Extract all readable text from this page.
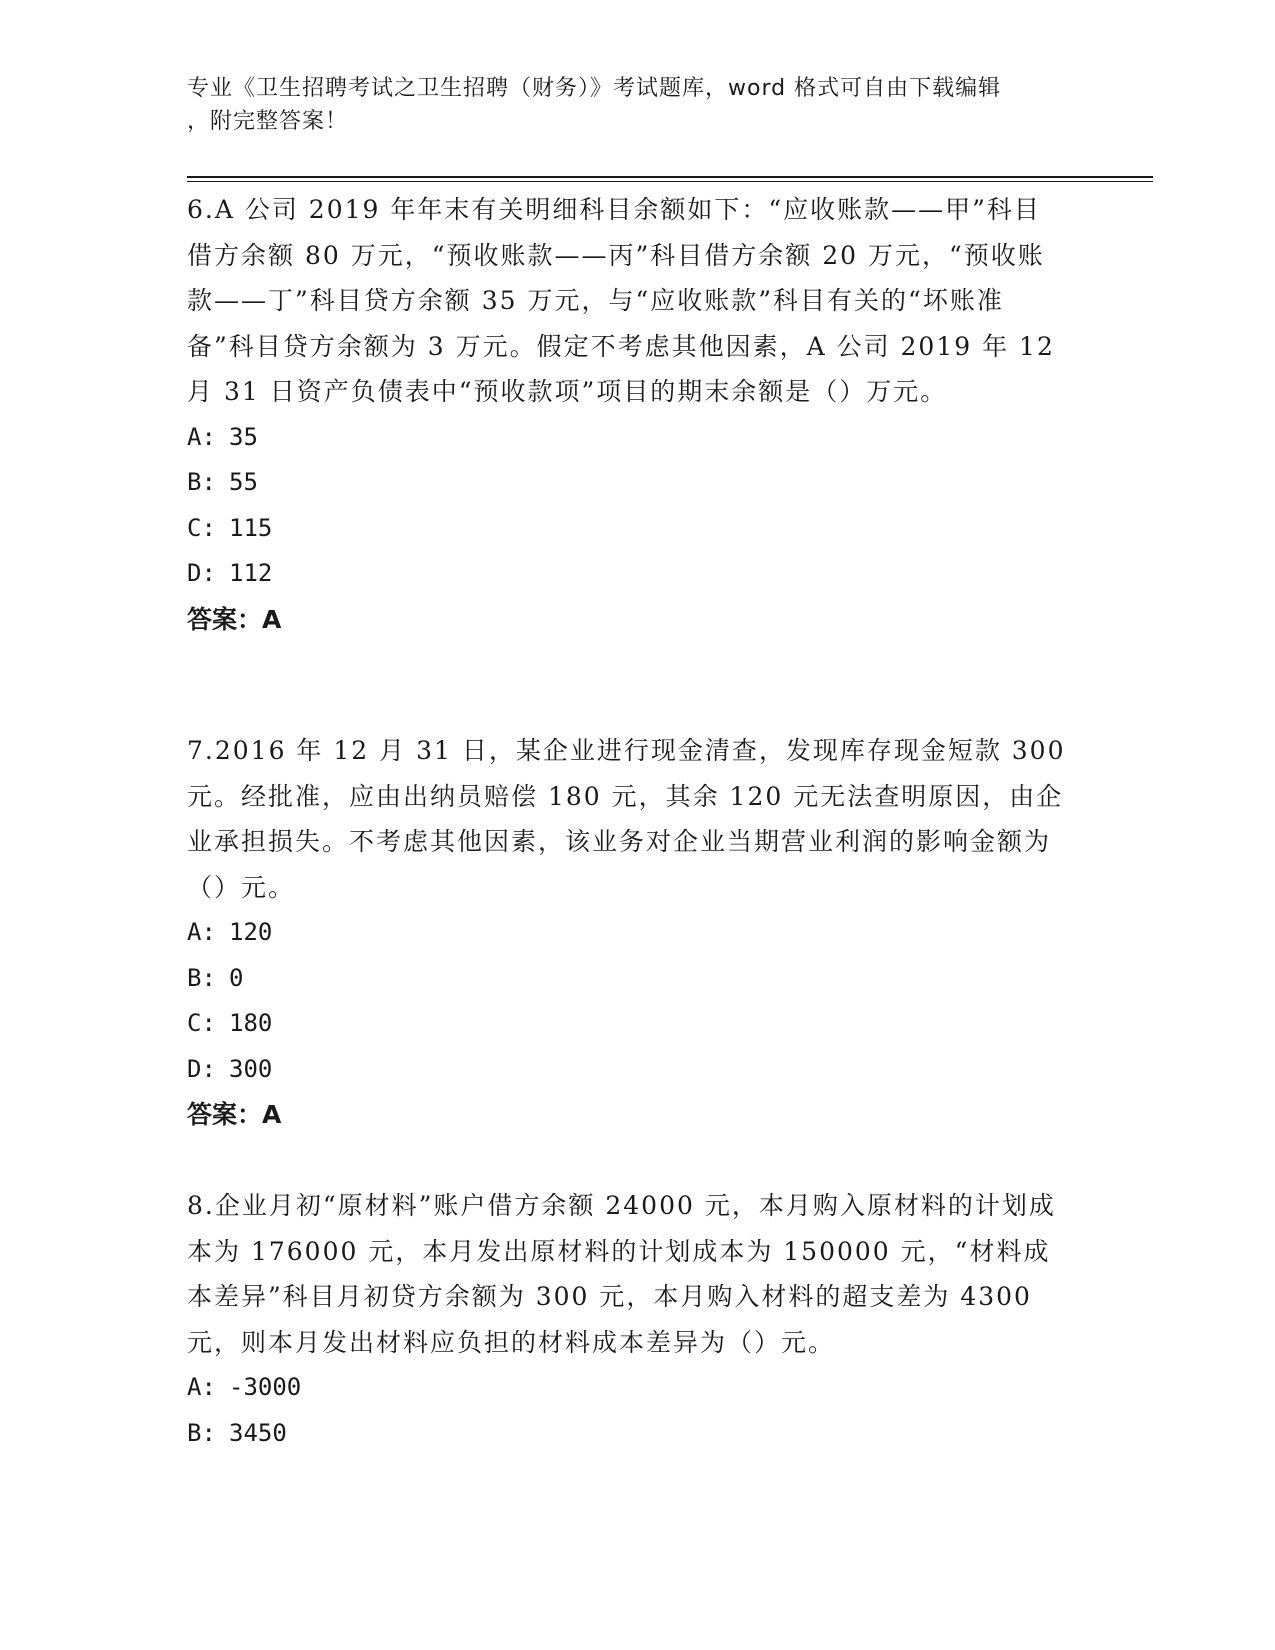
专业《卫生招聘考试之卫生招聘（财务）》考试题库，word 格式可自由下载编辑
，附完整答案！

6.A 公司 2019 年年末有关明细科目余额如下：“应收账款——甲”科目借方余额 80 万元，“预收账款——丙”科目借方余额 20 万元，“预收账款——丁”科目贷方余额 35 万元，与“应收账款”科目有关的“坏账准备”科目贷方余额为 3 万元。假定不考虑其他因素，A 公司 2019 年 12 月 31 日资产负债表中“预收款项”项目的期末余额是（）万元。

A: 35
B: 55
C: 115
D: 112
答案：A

7.2016 年 12 月 31 日，某企业进行现金清查，发现库存现金短款 300 元。经批准，应由出纳员赔偿 180 元，其余 120 元无法查明原因，由企业承担损失。不考虑其他因素，该业务对企业当期营业利润的影响金额为（）元。

A: 120
B: 0
C: 180
D: 300
答案：A

8.企业月初“原材料”账户借方余额 24000 元，本月购入原材料的计划成本为 176000 元，本月发出原材料的计划成本为 150000 元，“材料成本差异”科目月初贷方余额为 300 元，本月购入材料的超支差为 4300 元，则本月发出材料应负担的材料成本差异为（）元。

A: -3000
B: 3450
